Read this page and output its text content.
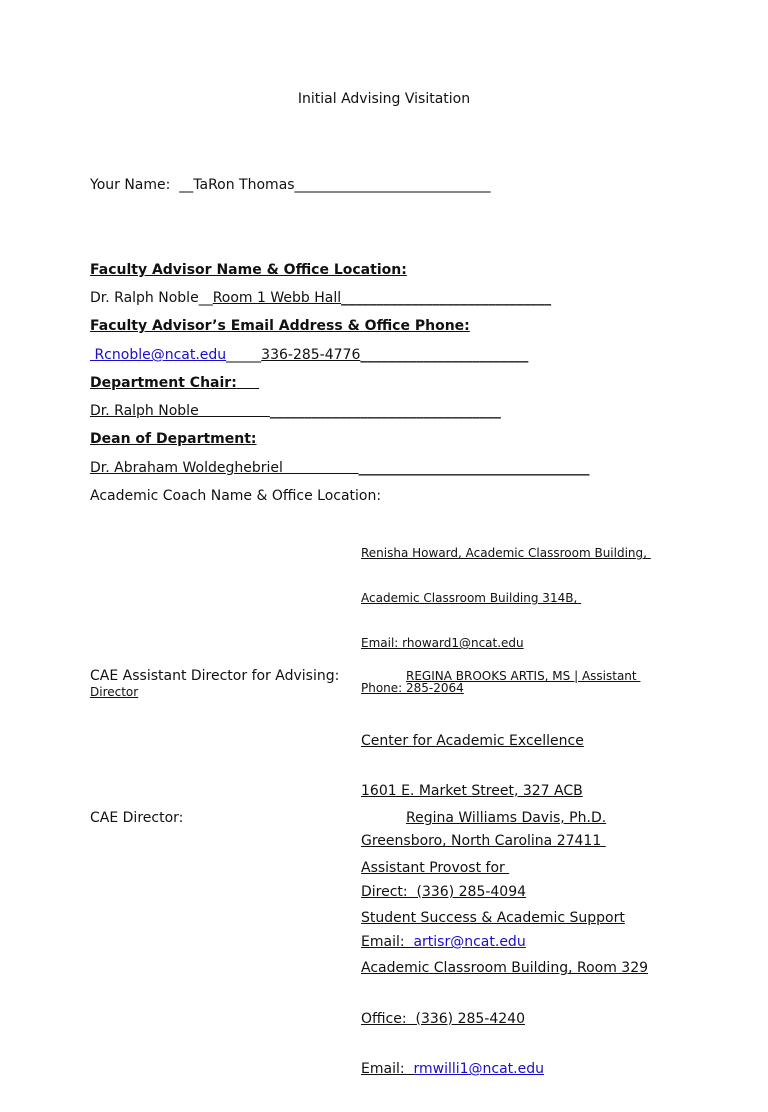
Initial Advising Visitation
Your Name:  __TaRon Thomas____________________________
Faculty Advisor Name & Office Location:
Dr. Ralph Noble__Room 1 Webb Hall______________________________
Faculty Advisor’s Email Address & Office Phone:
Rcnoble@ncat.edu_____336-285-4776________________________
Department Chair:
Dr. Ralph Noble                _________________________________
Dean of Department:
Dr. Abraham Woldeghebriel                 _________________________________
Academic Coach Name & Office Location:

Renisha Howard, Academic Classroom Building,

Academic Classroom Building 314B,

Email: rhoward1@ncat.edu

Phone: 285-2064

CAE Assistant Director for Advising:	REGINA BROOKS ARTIS, MS | Assistant
Director

Center for Academic Excellence

1601 E. Market Street, 327 ACB

Greensboro, North Carolina 27411

Direct:  (336) 285-4094

Email:  artisr@ncat.edu

CAE Director:	Regina Williams Davis, Ph.D.

Assistant Provost for

Student Success & Academic Support

Academic Classroom Building, Room 329

Office:  (336) 285-4240

Email:  rmwilli1@ncat.edu
